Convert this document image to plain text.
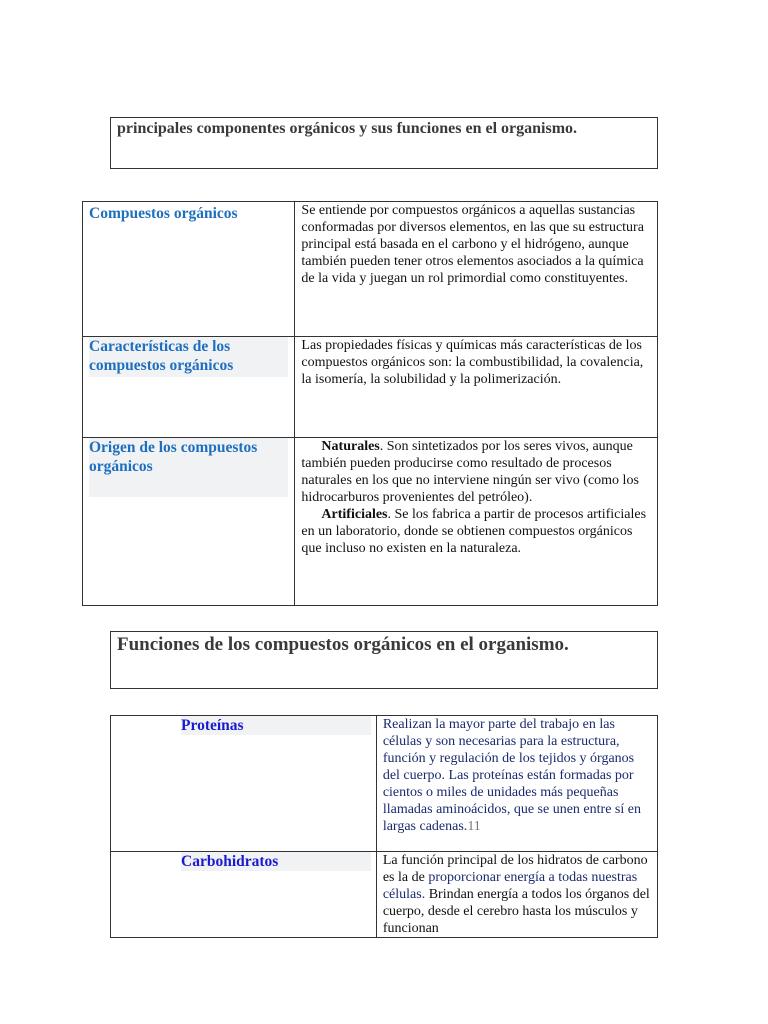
principales componentes orgánicos y sus funciones en el organismo.
Compuestos orgánicos	Se entiende por compuestos orgánicos a aquellas sustancias conformadas por diversos elementos, en las que su estructura principal está basada en el carbono y el hidrógeno, aunque también pueden tener otros elementos asociados a la química de la vida y juegan un rol primordial como constituyentes.

Características de los compuestos orgánicos	Las propiedades físicas y químicas más características de los compuestos orgánicos son: la combustibilidad, la covalencia, la isomería, la solubilidad y la polimerización.

Origen de los compuestos orgánicos	Naturales. Son sintetizados por los seres vivos, aunque también pueden producirse como resultado de procesos naturales en los que no interviene ningún ser vivo (como los hidrocarburos provenientes del petróleo).
Artificiales. Se los fabrica a partir de procesos artificiales en un laboratorio, donde se obtienen compuestos orgánicos que incluso no existen en la naturaleza.
Funciones de los compuestos orgánicos en el organismo.
Proteínas	Realizan la mayor parte del trabajo en las células y son necesarias para la estructura, función y regulación de los tejidos y órganos del cuerpo. Las proteínas están formadas por cientos o miles de unidades más pequeñas llamadas aminoácidos, que se unen entre sí en largas cadenas.11

Carbohidratos	La función principal de los hidratos de carbono es la de proporcionar energía a todas nuestras células. Brindan energía a todos los órganos del cuerpo, desde el cerebro hasta los músculos y funcionan
